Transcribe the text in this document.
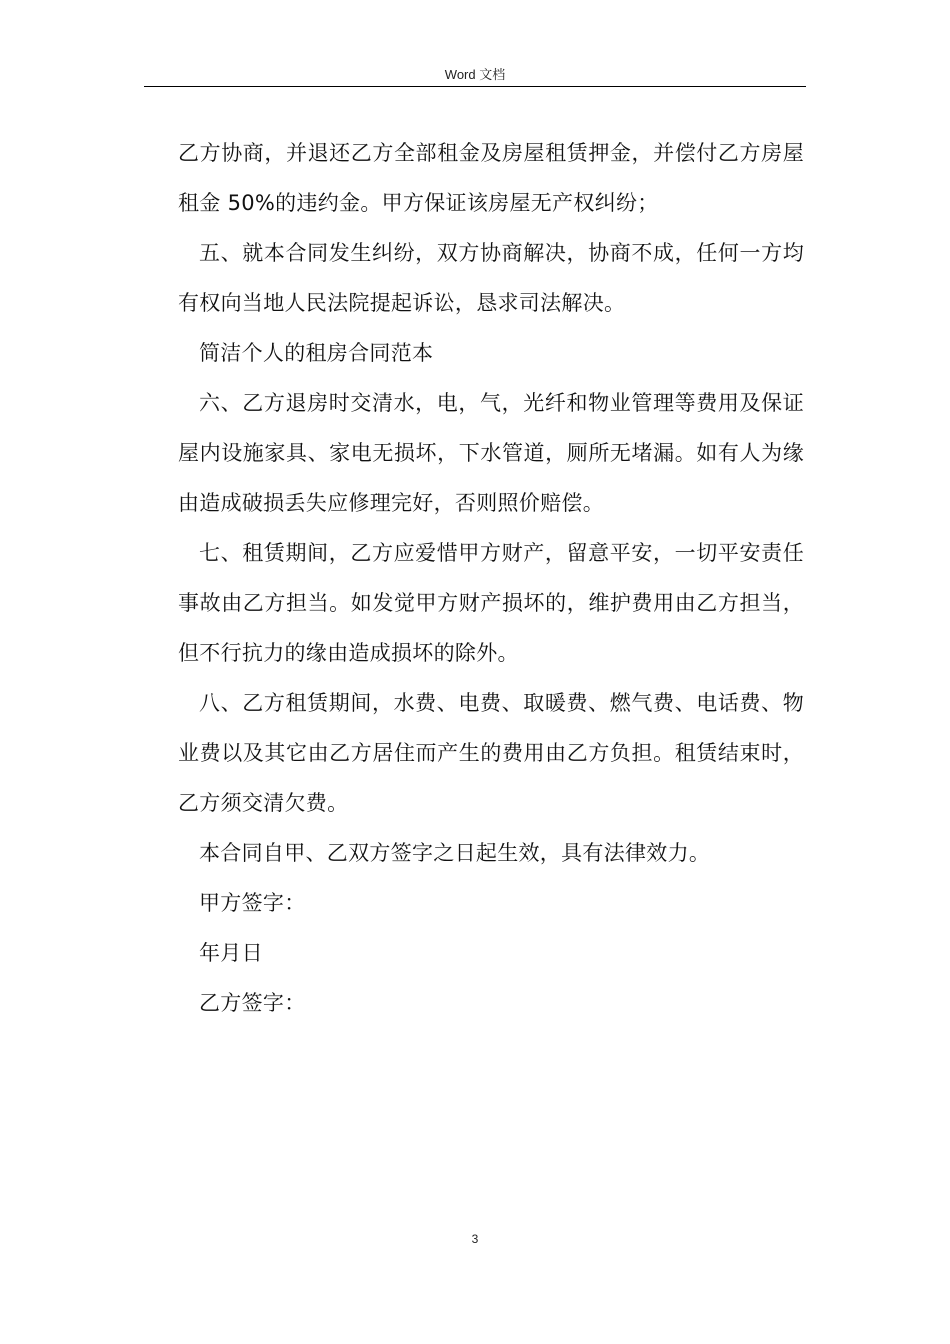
Word 文档

乙方协商，并退还乙方全部租金及房屋租赁押金，并偿付乙方房屋租金 50%的违约金。甲方保证该房屋无产权纠纷；

五、就本合同发生纠纷，双方协商解决，协商不成，任何一方均有权向当地人民法院提起诉讼，恳求司法解决。

简洁个人的租房合同范本

六、乙方退房时交清水，电，气，光纤和物业管理等费用及保证屋内设施家具、家电无损坏，下水管道，厕所无堵漏。如有人为缘由造成破损丢失应修理完好，否则照价赔偿。

七、租赁期间，乙方应爱惜甲方财产，留意平安，一切平安责任事故由乙方担当。如发觉甲方财产损坏的，维护费用由乙方担当，但不行抗力的缘由造成损坏的除外。

八、乙方租赁期间，水费、电费、取暖费、燃气费、电话费、物业费以及其它由乙方居住而产生的费用由乙方负担。租赁结束时，乙方须交清欠费。

本合同自甲、乙双方签字之日起生效，具有法律效力。

甲方签字：

年月日

乙方签字：

3
